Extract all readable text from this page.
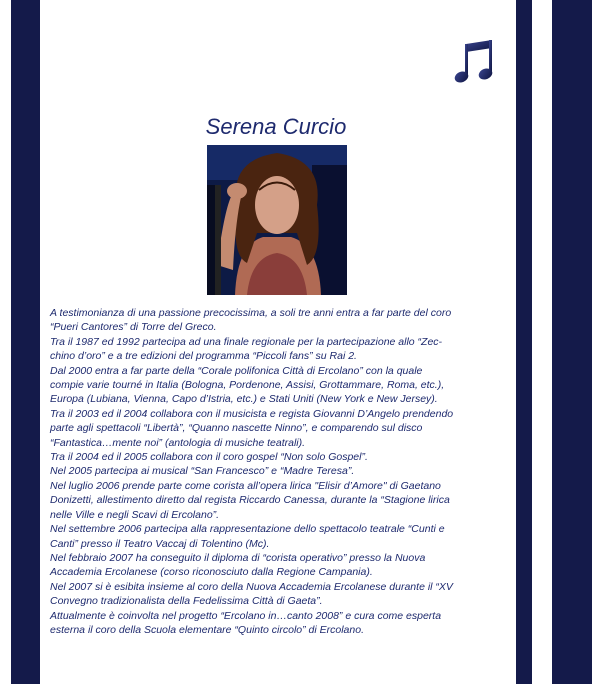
Serena Curcio

A testimonianza di una passione precocissima, a soli tre anni entra a far parte del coro

“Pueri Cantores” di Torre del Greco.

Tra il 1987 ed 1992 partecipa ad una finale regionale per la partecipazione allo “Zec-

chino d’oro” e a tre edizioni del programma “Piccoli fans” su Rai 2.

Dal 2000 entra a far parte della “Corale polifonica Città di Ercolano” con la quale

compie varie tourné in Italia (Bologna, Pordenone, Assisi, Grottammare, Roma, etc.),

Europa (Lubiana, Vienna, Capo d’Istria, etc.) e Stati Uniti (New York e New Jersey).

Tra il 2003 ed il 2004 collabora con il musicista e regista Giovanni D’Angelo prendendo

parte agli spettacoli “Libertà”, “Quanno nascette Ninno”, e comparendo sul disco

“Fantastica…mente noi” (antologia di musiche teatrali).

Tra il 2004 ed il 2005 collabora con il coro gospel “Non solo Gospel”.

Nel 2005 partecipa ai musical “San Francesco” e “Madre Teresa”.

Nel luglio 2006 prende parte come corista all’opera lirica "Elisir d’Amore" di Gaetano

Donizetti, allestimento diretto dal regista Riccardo Canessa, durante la “Stagione lirica

nelle Ville e negli Scavi di Ercolano”.

Nel settembre 2006 partecipa alla rappresentazione dello spettacolo teatrale “Cunti e

Canti” presso il Teatro Vaccaj di Tolentino (Mc).

Nel febbraio 2007 ha conseguito il diploma di “corista operativo” presso la Nuova

Accademia Ercolanese (corso riconosciuto dalla Regione Campania).

Nel 2007 si è esibita insieme al coro della Nuova Accademia Ercolanese durante il “XV

Convegno tradizionalista della Fedelissima Città di Gaeta”.

Attualmente è coinvolta nel progetto “Ercolano in…canto 2008” e cura come esperta

esterna il coro della Scuola elementare “Quinto circolo” di Ercolano.
